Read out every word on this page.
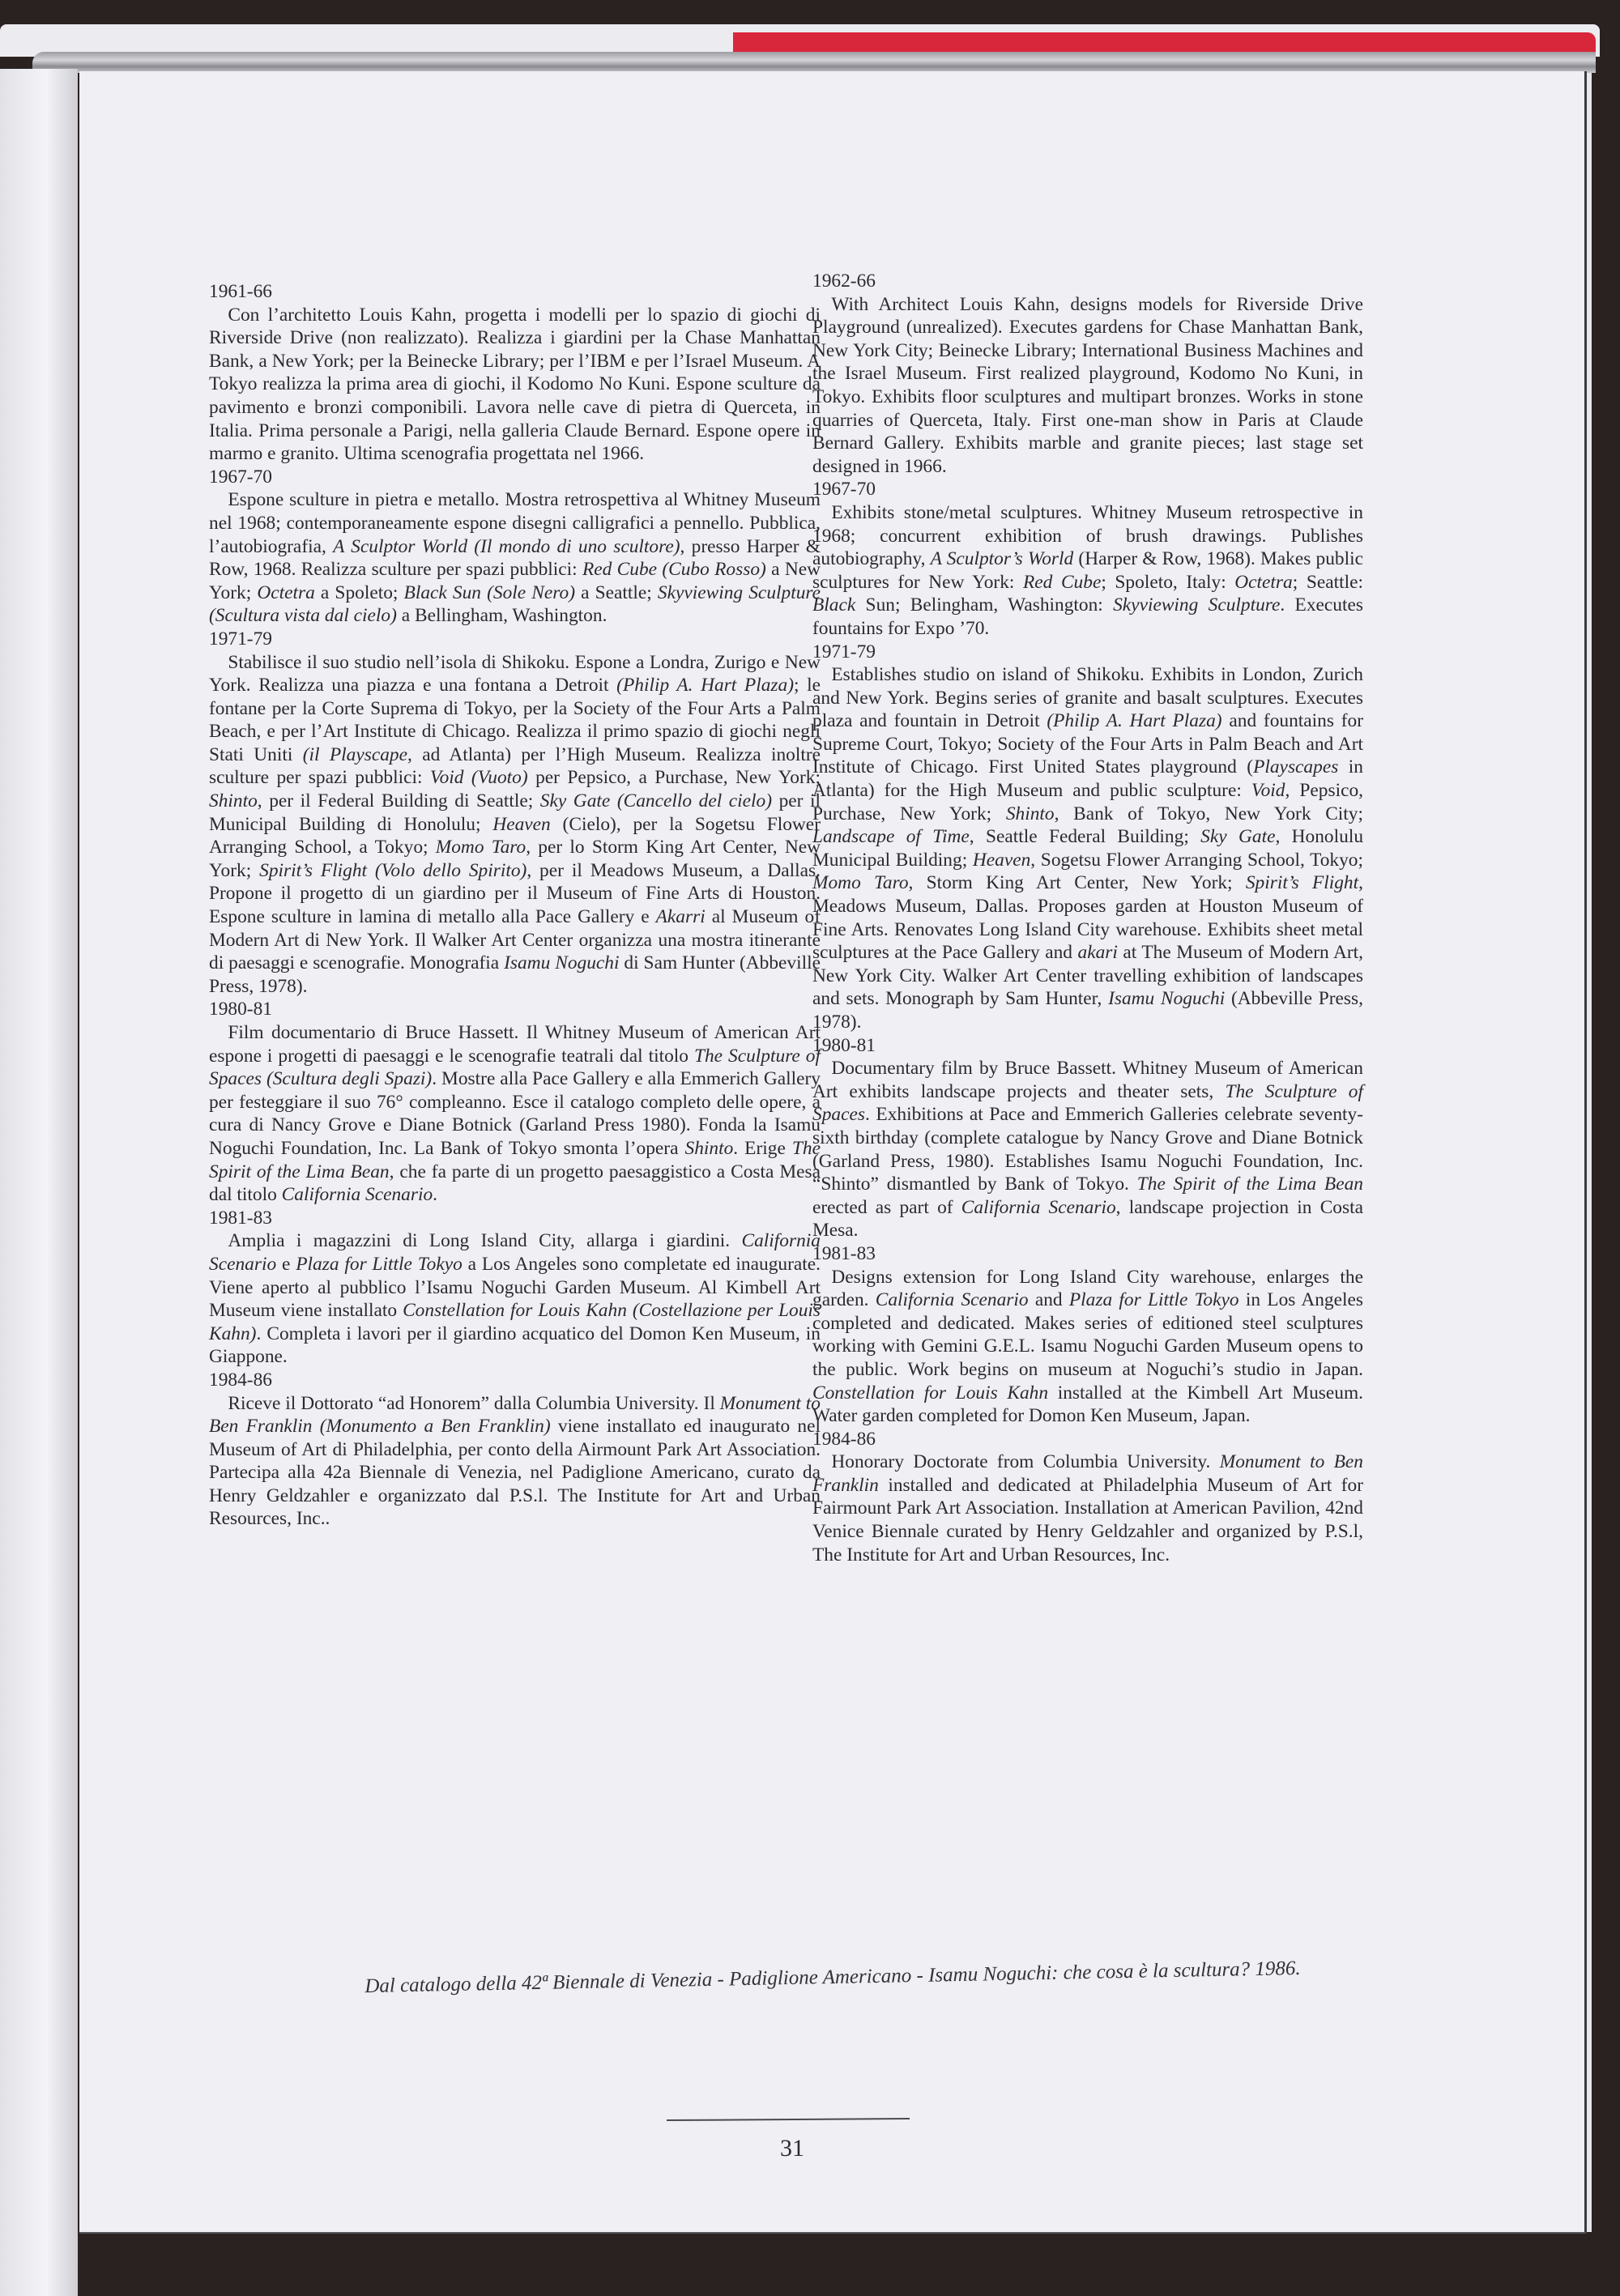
1961-66

Con l’architetto Louis Kahn, progetta i modelli per lo spazio di giochi di Riverside Drive (non realizzato). Realizza i giardini per la Chase Manhattan Bank, a New York; per la Beinecke Library; per l’IBM e per l’Israel Museum. A Tokyo realizza la prima area di giochi, il Kodomo No Kuni. Espone sculture da pavimento e bronzi componibili. Lavora nelle cave di pietra di Querceta, in Italia. Prima personale a Parigi, nella galleria Claude Bernard. Espone opere in marmo e granito. Ultima scenografia progettata nel 1966.

1967-70

Espone sculture in pietra e metallo. Mostra retrospettiva al Whitney Museum nel 1968; contemporaneamente espone disegni calligrafici a pennello. Pubblica, l’autobiografia, A Sculptor World (Il mondo di uno scultore), presso Harper & Row, 1968. Realizza sculture per spazi pubblici: Red Cube (Cubo Rosso) a New York; Octetra a Spoleto; Black Sun (Sole Nero) a Seattle; Skyviewing Sculpture (Scultura vista dal cielo) a Bellingham, Washington.

1971-79

Stabilisce il suo studio nell’isola di Shikoku. Espone a Londra, Zurigo e New York. Realizza una piazza e una fontana a Detroit (Philip A. Hart Plaza); le fontane per la Corte Suprema di Tokyo, per la Society of the Four Arts a Palm Beach, e per l’Art Institute di Chicago. Realizza il primo spazio di giochi negli Stati Uniti (il Playscape, ad Atlanta) per l’High Museum. Realizza inoltre sculture per spazi pubblici: Void (Vuoto) per Pepsico, a Purchase, New York; Shinto, per il Federal Building di Seattle; Sky Gate (Cancello del cielo) per il Municipal Building di Honolulu; Heaven (Cielo), per la Sogetsu Flower Arranging School, a Tokyo; Momo Taro, per lo Storm King Art Center, New York; Spirit’s Flight (Volo dello Spirito), per il Meadows Museum, a Dallas. Propone il progetto di un giardino per il Museum of Fine Arts di Houston. Espone sculture in lamina di metallo alla Pace Gallery e Akarri al Museum of Modern Art di New York. Il Walker Art Center organizza una mostra itinerante di paesaggi e scenografie. Monografia Isamu Noguchi di Sam Hunter (Abbeville Press, 1978).

1980-81

Film documentario di Bruce Hassett. Il Whitney Museum of American Art espone i progetti di paesaggi e le scenografie teatrali dal titolo The Sculpture of Spaces (Scultura degli Spazi). Mostre alla Pace Gallery e alla Emmerich Gallery per festeggiare il suo 76° compleanno. Esce il catalogo completo delle opere, a cura di Nancy Grove e Diane Botnick (Garland Press 1980). Fonda la Isamu Noguchi Foundation, Inc. La Bank of Tokyo smonta l’opera Shinto. Erige The Spirit of the Lima Bean, che fa parte di un progetto paesaggistico a Costa Mesa dal titolo California Scenario.

1981-83

Amplia i magazzini di Long Island City, allarga i giardini. California Scenario e Plaza for Little Tokyo a Los Angeles sono completate ed inaugurate. Viene aperto al pubblico l’Isamu Noguchi Garden Museum. Al Kimbell Art Museum viene installato Constellation for Louis Kahn (Costellazione per Louis Kahn). Completa i lavori per il giardino acquatico del Domon Ken Museum, in Giappone.

1984-86

Riceve il Dottorato “ad Honorem” dalla Columbia University. Il Monument to Ben Franklin (Monumento a Ben Franklin) viene installato ed inaugurato nel Museum of Art di Philadelphia, per conto della Airmount Park Art Association. Partecipa alla 42a Biennale di Venezia, nel Padiglione Americano, curato da Henry Geldzahler e organizzato dal P.S.l. The Institute for Art and Urban Resources, Inc..

1962-66

With Architect Louis Kahn, designs models for Riverside Drive Playground (unrealized). Executes gardens for Chase Manhattan Bank, New York City; Beinecke Library; International Business Machines and the Israel Museum. First realized playground, Kodomo No Kuni, in Tokyo. Exhibits floor sculptures and multipart bronzes. Works in stone quarries of Querceta, Italy. First one-man show in Paris at Claude Bernard Gallery. Exhibits marble and granite pieces; last stage set designed in 1966.

1967-70

Exhibits stone/metal sculptures. Whitney Museum retrospective in 1968; concurrent exhibition of brush drawings. Publishes autobiography, A Sculptor’s World (Harper & Row, 1968). Makes public sculptures for New York: Red Cube; Spoleto, Italy: Octetra; Seattle: Black Sun; Belingham, Washington: Skyviewing Sculpture. Executes fountains for Expo ’70.

1971-79

Establishes studio on island of Shikoku. Exhibits in London, Zurich and New York. Begins series of granite and basalt sculptures. Executes plaza and fountain in Detroit (Philip A. Hart Plaza) and fountains for Supreme Court, Tokyo; Society of the Four Arts in Palm Beach and Art Institute of Chicago. First United States playground (Playscapes in Atlanta) for the High Museum and public sculpture: Void, Pepsico, Purchase, New York; Shinto, Bank of Tokyo, New York City; Landscape of Time, Seattle Federal Building; Sky Gate, Honolulu Municipal Building; Heaven, Sogetsu Flower Arranging School, Tokyo; Momo Taro, Storm King Art Center, New York; Spirit’s Flight, Meadows Museum, Dallas. Proposes garden at Houston Museum of Fine Arts. Renovates Long Island City warehouse. Exhibits sheet metal sculptures at the Pace Gallery and akari at The Museum of Modern Art, New York City. Walker Art Center travelling exhibition of landscapes and sets. Monograph by Sam Hunter, Isamu Noguchi (Abbeville Press, 1978).

1980-81

Documentary film by Bruce Bassett. Whitney Museum of American Art exhibits landscape projects and theater sets, The Sculpture of Spaces. Exhibitions at Pace and Emmerich Galleries celebrate seventy-sixth birthday (complete catalogue by Nancy Grove and Diane Botnick (Garland Press, 1980). Establishes Isamu Noguchi Foundation, Inc. “Shinto” dismantled by Bank of Tokyo. The Spirit of the Lima Bean erected as part of California Scenario, landscape projection in Costa Mesa.

1981-83

Designs extension for Long Island City warehouse, enlarges the garden. California Scenario and Plaza for Little Tokyo in Los Angeles completed and dedicated. Makes series of editioned steel sculptures working with Gemini G.E.L. Isamu Noguchi Garden Museum opens to the public. Work begins on museum at Noguchi’s studio in Japan. Constellation for Louis Kahn installed at the Kimbell Art Museum. Water garden completed for Domon Ken Museum, Japan.

1984-86

Honorary Doctorate from Columbia University. Monument to Ben Franklin installed and dedicated at Philadelphia Museum of Art for Fairmount Park Art Association. Installation at American Pavilion, 42nd Venice Biennale curated by Henry Geldzahler and organized by P.S.l, The Institute for Art and Urban Resources, Inc.

Dal catalogo della 42ª Biennale di Venezia - Padiglione Americano - Isamu Noguchi: che cosa è la scultura? 1986.
31
